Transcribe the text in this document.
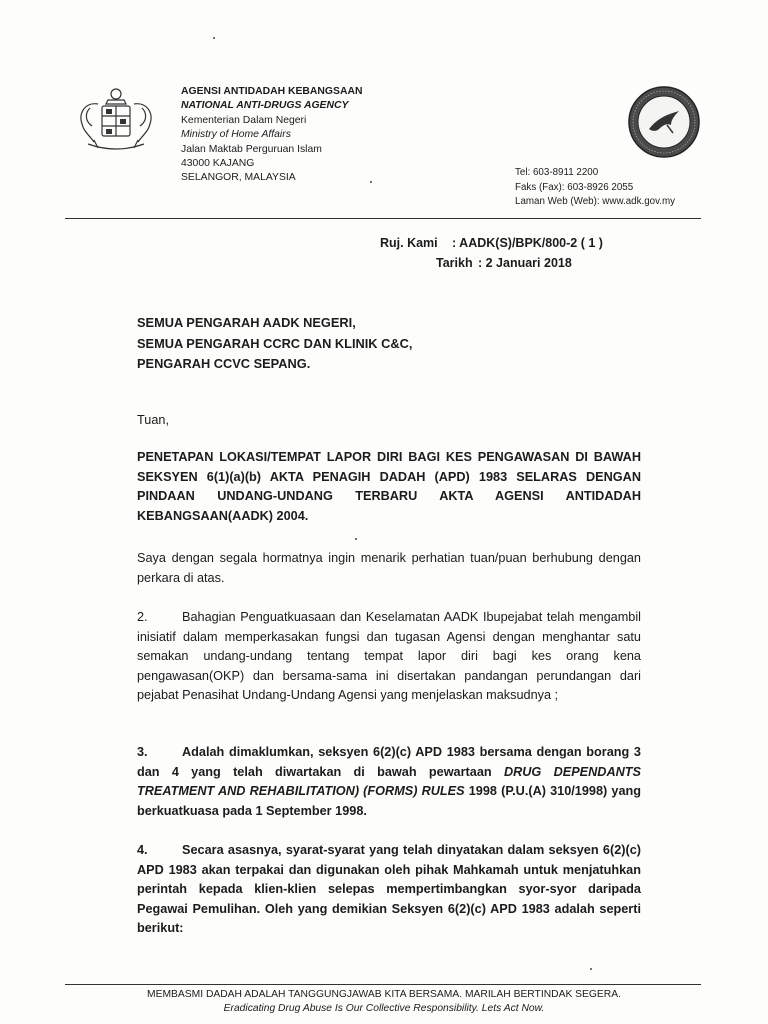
AGENSI ANTIDADAH KEBANGSAAN
NATIONAL ANTI-DRUGS AGENCY
Kementerian Dalam Negeri
Ministry of Home Affairs
Jalan Maktab Perguruan Islam
43000 KAJANG
SELANGOR, MALAYSIA	Tel: 603-8911 2200
Faks (Fax): 603-8926 2055
Laman Web (Web): www.adk.gov.my
Ruj. Kami	: AADK(S)/BPK/800-2 ( 1 )
Tarikh : 2 Januari 2018
SEMUA PENGARAH AADK NEGERI,
SEMUA PENGARAH CCRC DAN KLINIK C&C,
PENGARAH CCVC SEPANG.
Tuan,
PENETAPAN LOKASI/TEMPAT LAPOR DIRI BAGI KES PENGAWASAN DI BAWAH SEKSYEN 6(1)(a)(b) AKTA PENAGIH DADAH (APD) 1983 SELARAS DENGAN PINDAAN UNDANG-UNDANG TERBARU AKTA AGENSI ANTIDADAH KEBANGSAAN(AADK) 2004.
Saya dengan segala hormatnya ingin menarik perhatian tuan/puan berhubung dengan perkara di atas.
2.	Bahagian Penguatkuasaan dan Keselamatan AADK Ibupejabat telah mengambil inisiatif dalam memperkasakan fungsi dan tugasan Agensi dengan menghantar satu semakan undang-undang tentang tempat lapor diri bagi kes orang kena pengawasan(OKP) dan bersama-sama ini disertakan pandangan perundangan dari pejabat Penasihat Undang-Undang Agensi yang menjelaskan maksudnya ;
3.	Adalah dimaklumkan, seksyen 6(2)(c) APD 1983 bersama dengan borang 3 dan 4 yang telah diwartakan di bawah pewartaan DRUG DEPENDANTS TREATMENT AND REHABILITATION) (FORMS) RULES 1998 (P.U.(A) 310/1998) yang berkuatkuasa pada 1 September 1998.
4.	Secara asasnya, syarat-syarat yang telah dinyatakan dalam seksyen 6(2)(c) APD 1983 akan terpakai dan digunakan oleh pihak Mahkamah untuk menjatuhkan perintah kepada klien-klien selepas mempertimbangkan syor-syor daripada Pegawai Pemulihan. Oleh yang demikian Seksyen 6(2)(c) APD 1983 adalah seperti berikut:
MEMBASMI DADAH ADALAH TANGGUNGJAWAB KITA BERSAMA. MARILAH BERTINDAK SEGERA.
Eradicating Drug Abuse Is Our Collective Responsibility. Lets Act Now.
